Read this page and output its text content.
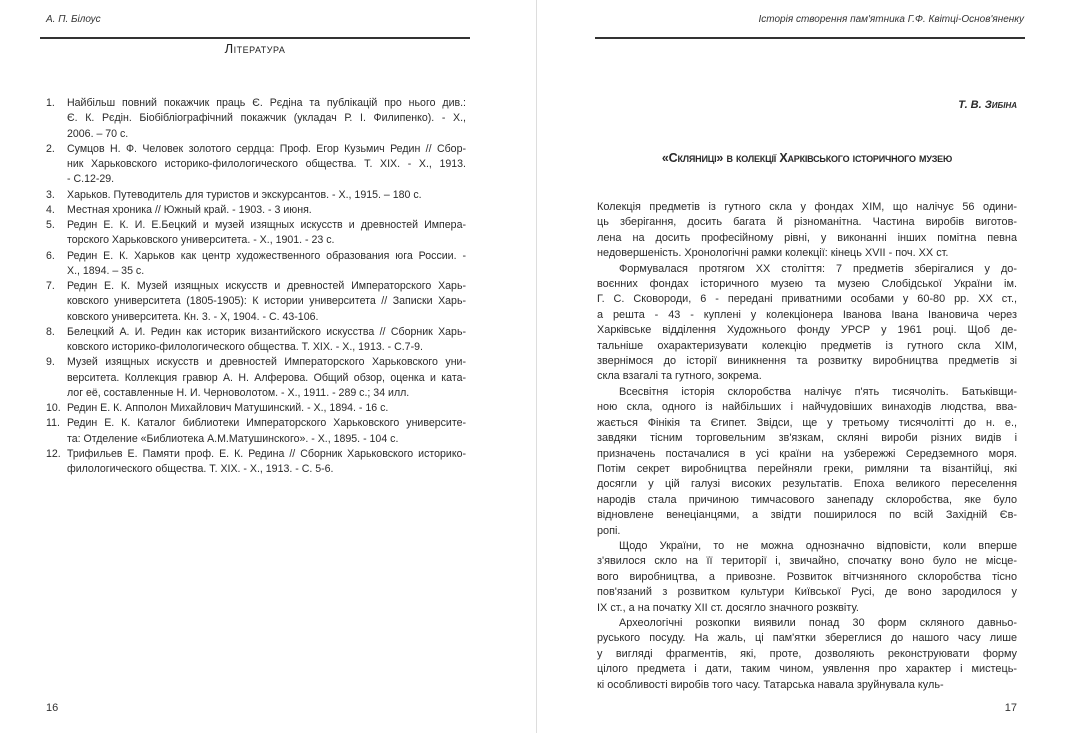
А. П. Білоус
Література
1. Найбільш повний покажчик праць Є. Рєдіна та публікацій про нього див.:
Є. К. Рєдін. Біобібліографічний покажчик (укладач Р. І. Филипенко). - Х.,
2006. – 70 с.
2. Сумцов Н. Ф. Человек золотого сердца: Проф. Егор Кузьмич Редин // Сбор-
ник Харьковского историко-филологического общества. Т. XIX. - Х., 1913.
- С.12-29.
3. Харьков. Путеводитель для туристов и экскурсантов. - Х., 1915. – 180 с.
4. Местная хроника // Южный край. - 1903. - 3 июня.
5. Редин Е. К. И. Е.Бецкий и музей изящных искусств и древностей Импера-
торского Харьковского университета. - Х., 1901. - 23 с.
6. Редин Е. К. Харьков как центр художественного образования юга России. -
Х., 1894. – 35 с.
7. Редин Е. К. Музей изящных искусств и древностей Императорского Харь-
ковского университета (1805-1905): К истории университета // Записки Харь-
ковского университета. Кн. 3. - Х, 1904. - С. 43-106.
8. Белецкий А. И. Редин как историк византийского искусства // Сборник Харь-
ковского историко-филологического общества. Т. XIX. - Х., 1913. - С.7-9.
9. Музей изящных искусств и древностей Императорского Харьковского уни-
верситета. Коллекция гравюр А. Н. Алферова. Общий обзор, оценка и ката-
лог её, составленные Н. И. Черноволотом. - Х., 1911. - 289 с.; 34 илл.
10. Редин Е. К. Апполон Михайлович Матушинский. - Х., 1894. - 16 с.
11. Редин Е. К. Каталог библиотеки Императорского Харьковского университе-
та: Отделение «Библиотека А.М.Матушинского». - Х., 1895. - 104 с.
12. Трифильев Е. Памяти проф. Е. К. Редина // Сборник Харьковского историко-
филологического общества. Т. XIX. - Х., 1913. - С. 5-6.
16
Історія створення пам'ятника Г.Ф. Квітці-Основ'яненку
Т. В. Зибіна
«Скляниці» в колекції Харківського історичного музею
Колекція предметів із гутного скла у фондах ХІМ, що налічує 56 одини-
ць зберігання, досить багата й різноманітна. Частина виробів виготов-
лена на досить професійному рівні, у виконанні інших помітна певна
недовершеність. Хронологічні рамки колекції: кінець XVII - поч. XX ст.
Формувалася протягом XX століття: 7 предметів зберігалися у до-
воєнних фондах історичного музею та музею Слобідської України ім.
Г. С. Сковороди, 6 - передані приватними особами у 60-80 рр. XX ст.,
а решта - 43 - куплені у колекціонера Іванова Івана Івановича через
Харківське відділення Художнього фонду УРСР у 1961 році. Щоб де-
тальніше охарактеризувати колекцію предметів із гутного скла ХІМ,
звернімося до історії виникнення та розвитку виробництва предметів зі
скла взагалі та гутного, зокрема.
Всесвітня історія склоробства налічує п'ять тисячоліть. Батьківщи-
ною скла, одного із найбільших і найчудовіших винаходів людства, вва-
жається Фінікія та Єгипет. Звідси, ще у третьому тисячолітті до н. е.,
завдяки тісним торговельним зв'язкам, скляні вироби різних видів і
призначень постачалися в усі країни на узбережжі Середземного моря.
Потім секрет виробництва перейняли греки, римляни та візантійці, які
досягли у цій галузі високих результатів. Епоха великого переселення
народів стала причиною тимчасового занепаду склоробства, яке було
відновлене венеціанцями, а звідти поширилося по всій Західній Єв-
ропі.
Щодо України, то не можна однозначно відповісти, коли вперше
з'явилося скло на її території і, звичайно, спочатку воно було не місце-
вого виробництва, а привозне. Розвиток вітчизняного склоробства тісно
пов'язаний з розвитком культури Київської Русі, де воно зародилося у
IX ст., а на початку XII ст. досягло значного розквіту.
Археологічні розкопки виявили понад 30 форм скляного давньо-
руського посуду. На жаль, ці пам'ятки збереглися до нашого часу лише
у вигляді фрагментів, які, проте, дозволяють реконструювати форму
цілого предмета і дати, таким чином, уявлення про характер і мистець-
кі особливості виробів того часу. Татарська навала зруйнувала куль-
17
